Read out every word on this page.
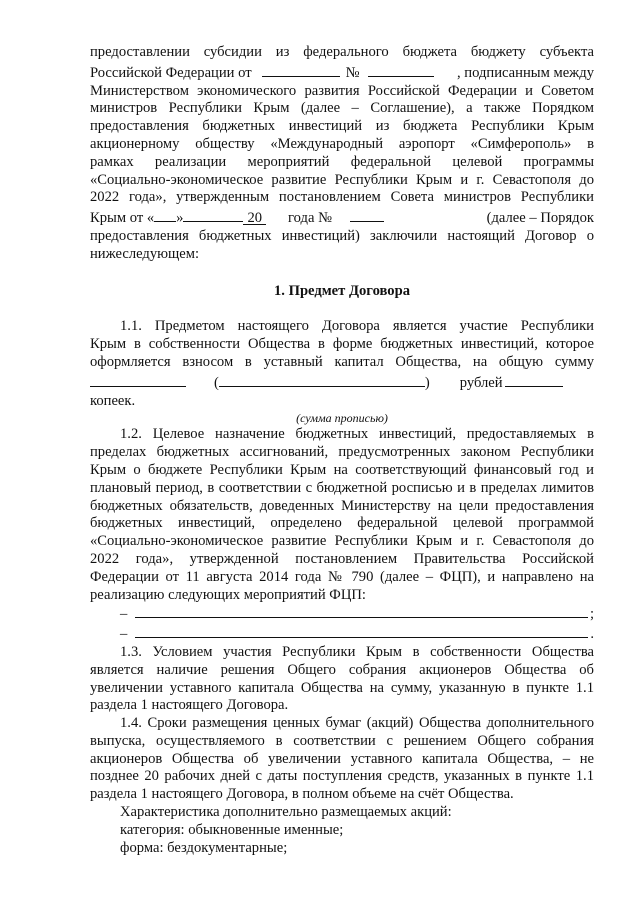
предоставлении субсидии из федерального бюджета бюджету субъекта

Российской Федерации от	№	, подписанным между

Министерством экономического развития Российской Федерации и Советом

министров Республики Крым (далее – Соглашение), а также Порядком

предоставления бюджетных инвестиций из бюджета Республики Крым

акционерному обществу «Международный аэропорт «Симферополь» в

рамках реализации мероприятий федеральной целевой программы

«Социально-экономическое развитие Республики Крым и г. Севастополя до

2022 года», утвержденным постановлением Совета министров Республики

Крым от « »	20 года №	(далее – Порядок

предоставления бюджетных инвестиций) заключили настоящий Договор о

нижеследующем:

1. Предмет Договора

1.1. Предметом настоящего Договора является участие Республики

Крым в собственности Общества в форме бюджетных инвестиций, которое

оформляется взносом в уставный капитал Общества, на общую сумму

(	) рублей

копеек.

(сумма прописью)

1.2. Целевое назначение бюджетных инвестиций, предоставляемых в пределах бюджетных ассигнований, предусмотренных законом Республики Крым о бюджете Республики Крым на соответствующий финансовый год и плановый период, в соответствии с бюджетной росписью и в пределах лимитов бюджетных обязательств, доведенных Министерству на цели предоставления бюджетных инвестиций, определено федеральной целевой программой «Социально-экономическое развитие Республики Крым и г. Севастополя до 2022 года», утвержденной постановлением Правительства Российской Федерации от 11 августа 2014 года № 790 (далее – ФЦП), и направлено на реализацию следующих мероприятий ФЦП:

–	;
–	.

1.3. Условием участия Республики Крым в собственности Общества является наличие решения Общего собрания акционеров Общества об увеличении уставного капитала Общества на сумму, указанную в пункте 1.1 раздела 1 настоящего Договора.

1.4. Сроки размещения ценных бумаг (акций) Общества дополнительного выпуска, осуществляемого в соответствии с решением Общего собрания акционеров Общества об увеличении уставного капитала Общества, – не позднее 20 рабочих дней с даты поступления средств, указанных в пункте 1.1 раздела 1 настоящего Договора, в полном объеме на счёт Общества.

Характеристика дополнительно размещаемых акций:

категория: обыкновенные именные;

форма: бездокументарные;
